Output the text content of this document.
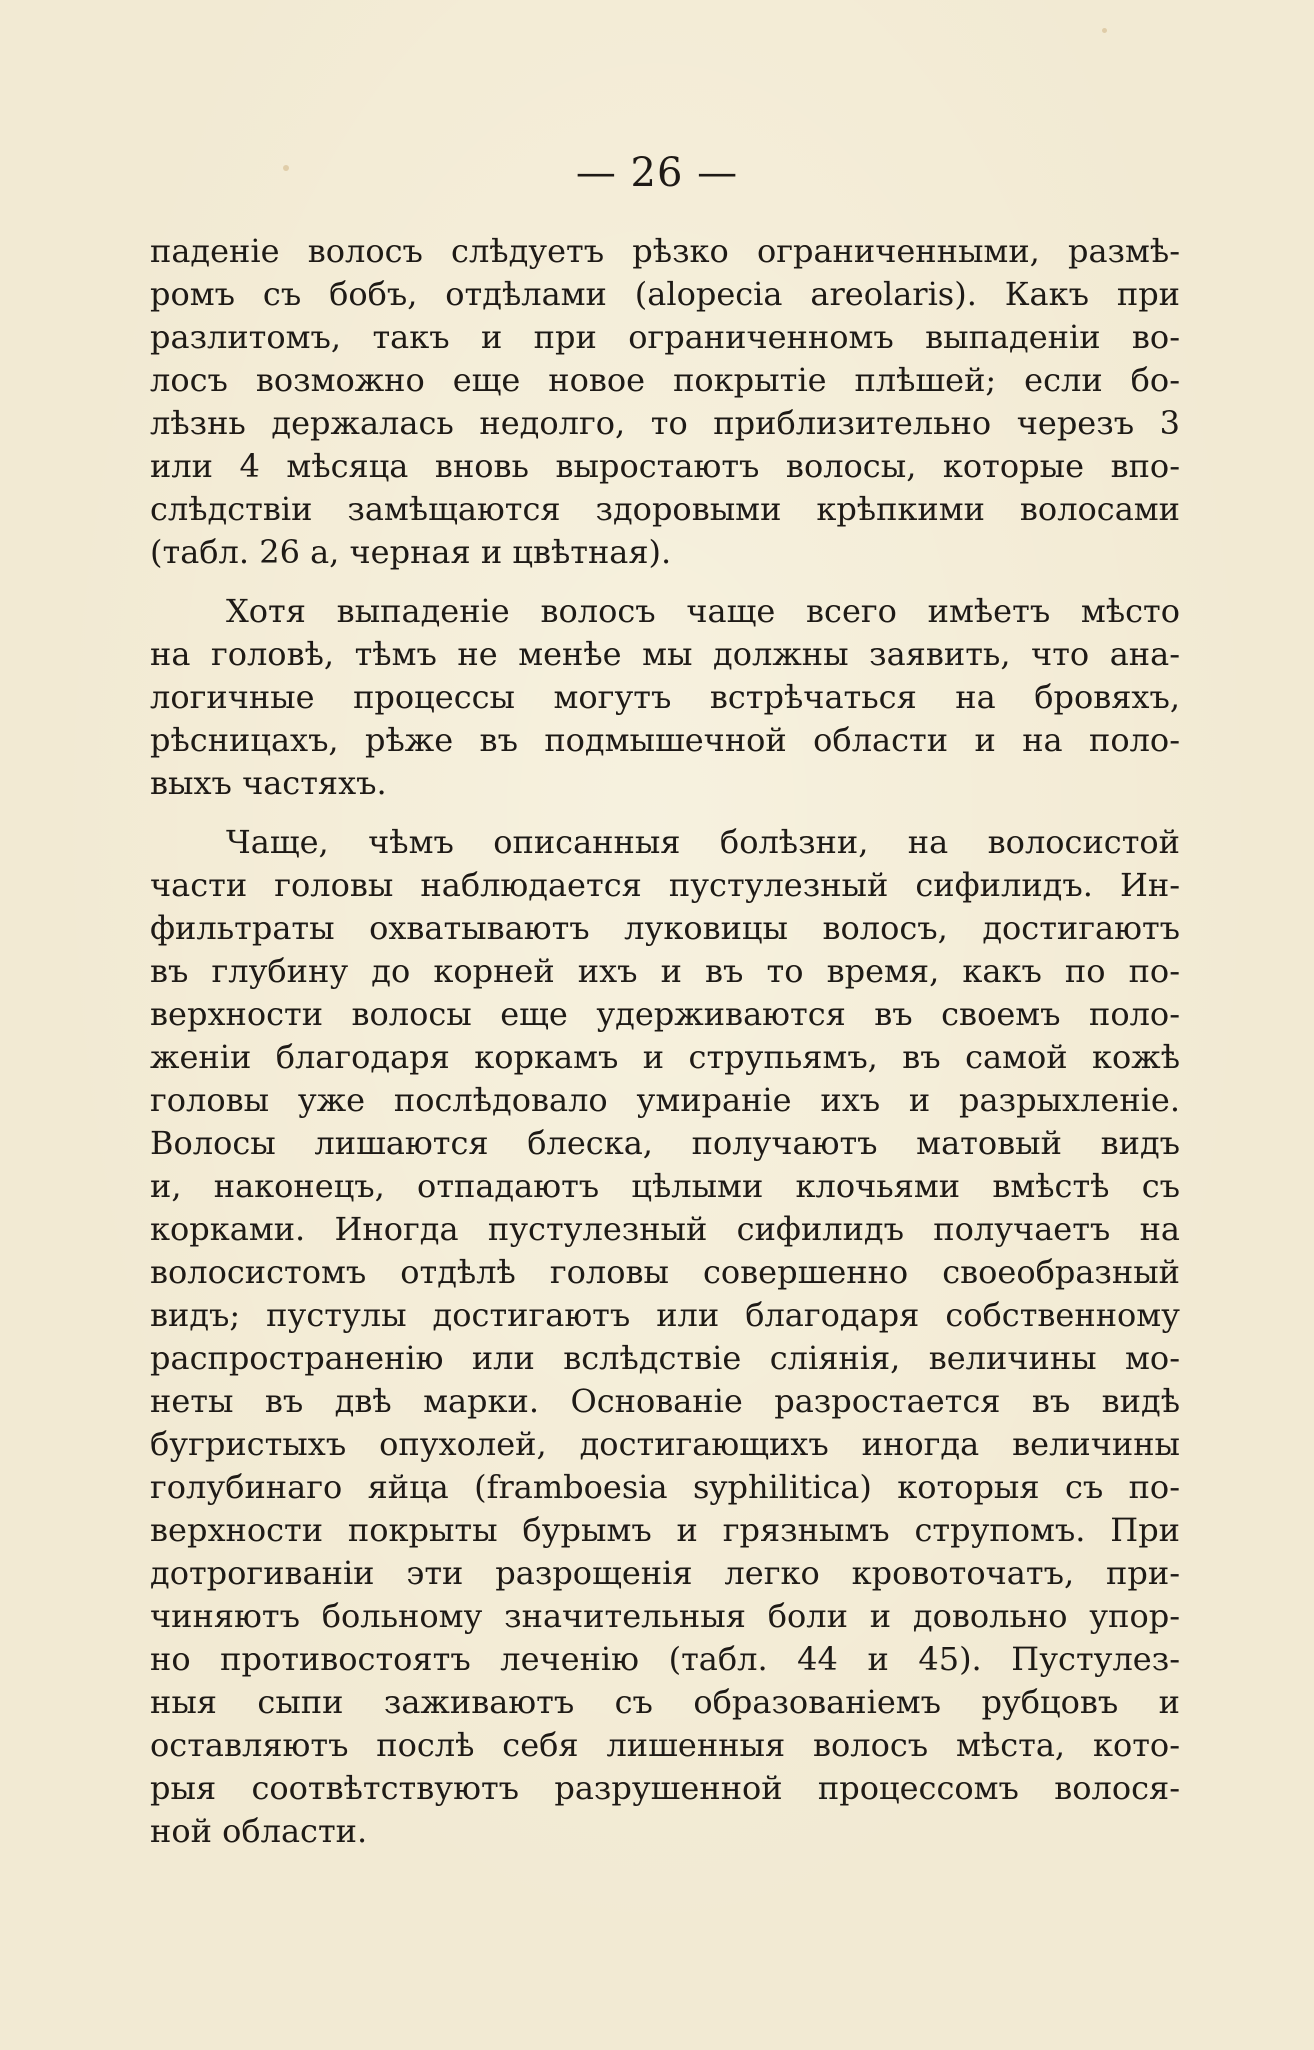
— 26 —
паденіе волосъ слѣдуетъ рѣзко ограниченными, размѣ-
ромъ съ бобъ, отдѣлами (alopecia areolaris). Какъ при
разлитомъ, такъ и при ограниченномъ выпаденіи во-
лосъ возможно еще новое покрытіе плѣшей; если бо-
лѣзнь держалась недолго, то приблизительно черезъ 3
или 4 мѣсяца вновь выростаютъ волосы, которые впо-
слѣдствіи замѣщаются здоровыми крѣпкими волосами
(табл. 26 а, черная и цвѣтная).
Хотя выпаденіе волосъ чаще всего имѣетъ мѣсто
на головѣ, тѣмъ не менѣе мы должны заявить, что ана-
логичные процессы могутъ встрѣчаться на бровяхъ,
рѣсницахъ, рѣже въ подмышечной области и на поло-
выхъ частяхъ.
Чаще, чѣмъ описанныя болѣзни, на волосистой
части головы наблюдается пустулезный сифилидъ. Ин-
фильтраты охватываютъ луковицы волосъ, достигаютъ
въ глубину до корней ихъ и въ то время, какъ по по-
верхности волосы еще удерживаются въ своемъ поло-
женіи благодаря коркамъ и струпьямъ, въ самой кожѣ
головы уже послѣдовало умираніе ихъ и разрыхленіе.
Волосы лишаются блеска, получаютъ матовый видъ
и, наконецъ, отпадаютъ цѣлыми клочьями вмѣстѣ съ
корками. Иногда пустулезный сифилидъ получаетъ на
волосистомъ отдѣлѣ головы совершенно своеобразный
видъ; пустулы достигаютъ или благодаря собственному
распространенію или вслѣдствіе сліянія, величины мо-
неты въ двѣ марки. Основаніе разростается въ видѣ
бугристыхъ опухолей, достигающихъ иногда величины
голубинаго яйца (framboesia syphilitica) которыя съ по-
верхности покрыты бурымъ и грязнымъ струпомъ. При
дотрогиваніи эти разрощенія легко кровоточатъ, при-
чиняютъ больному значительныя боли и довольно упор-
но противостоятъ леченію (табл. 44 и 45). Пустулез-
ныя сыпи заживаютъ съ образованіемъ рубцовъ и
оставляютъ послѣ себя лишенныя волосъ мѣста, кото-
рыя соотвѣтствуютъ разрушенной процессомъ волося-
ной области.
